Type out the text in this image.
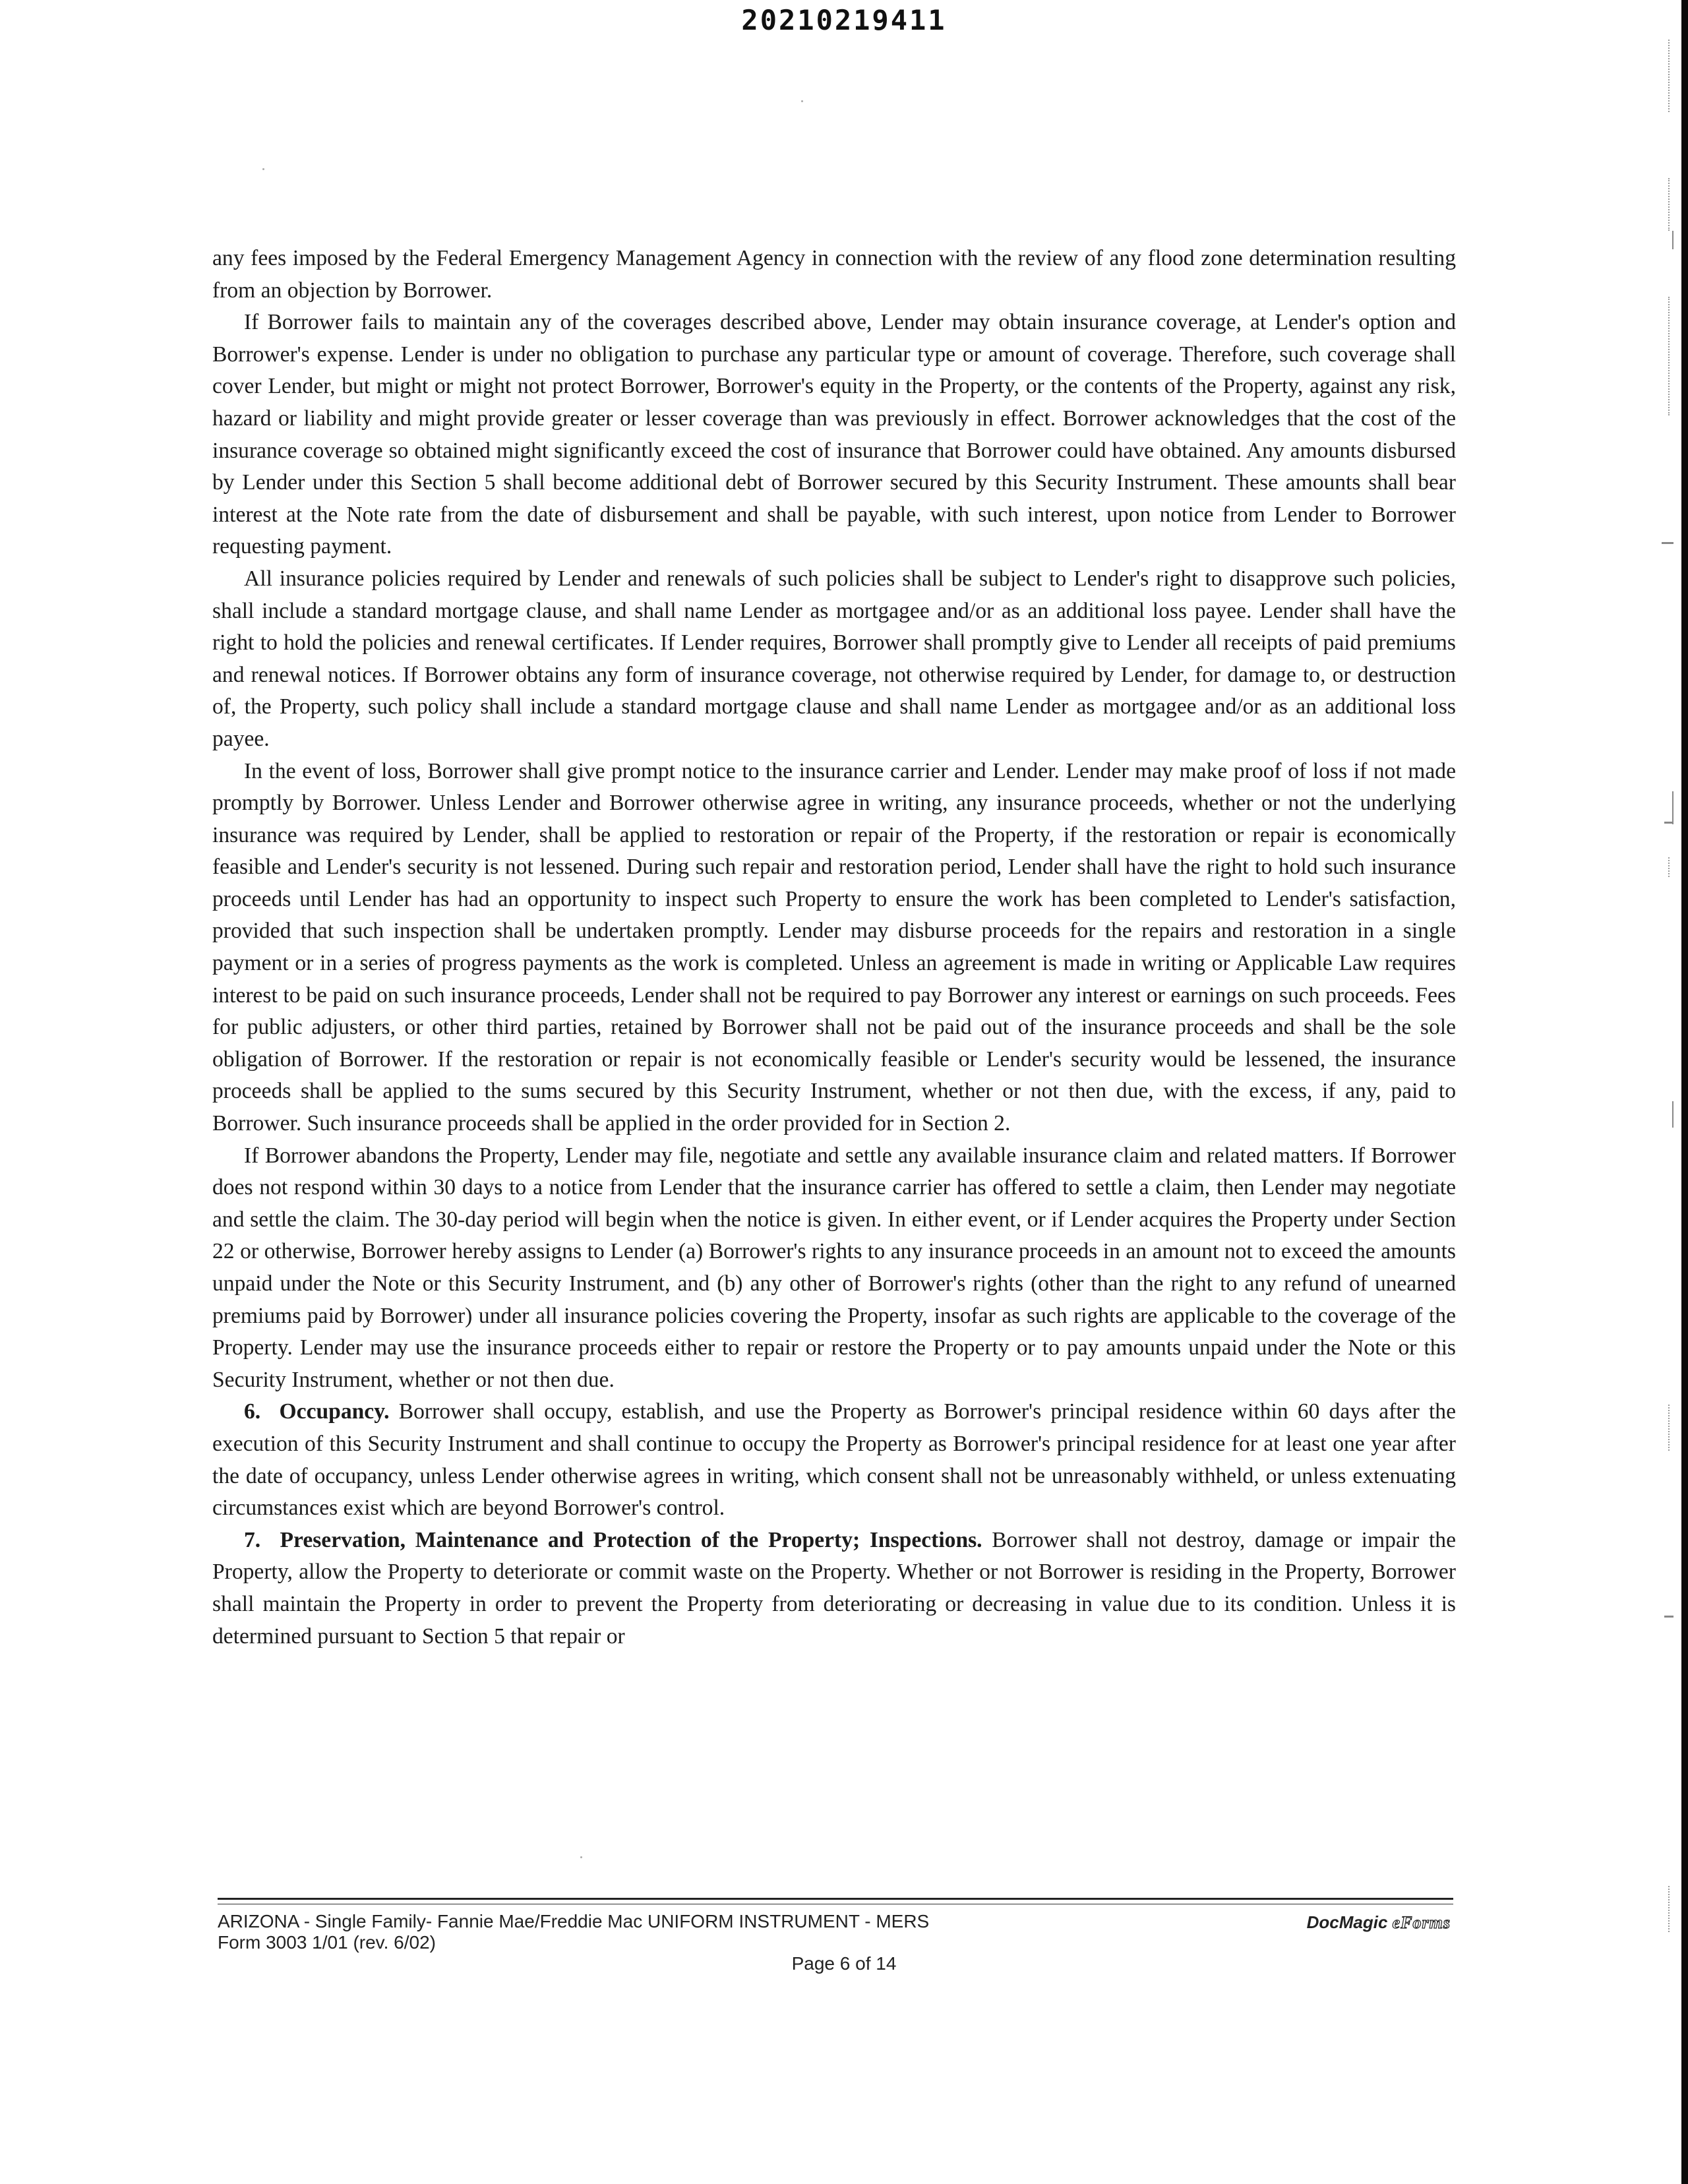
20210219411

any fees imposed by the Federal Emergency Management Agency in connection with the review of any flood zone determination resulting from an objection by Borrower.

If Borrower fails to maintain any of the coverages described above, Lender may obtain insurance coverage, at Lender's option and Borrower's expense. Lender is under no obligation to purchase any particular type or amount of coverage. Therefore, such coverage shall cover Lender, but might or might not protect Borrower, Borrower's equity in the Property, or the contents of the Property, against any risk, hazard or liability and might provide greater or lesser coverage than was previously in effect. Borrower acknowledges that the cost of the insurance coverage so obtained might significantly exceed the cost of insurance that Borrower could have obtained. Any amounts disbursed by Lender under this Section 5 shall become additional debt of Borrower secured by this Security Instrument. These amounts shall bear interest at the Note rate from the date of disbursement and shall be payable, with such interest, upon notice from Lender to Borrower requesting payment.

All insurance policies required by Lender and renewals of such policies shall be subject to Lender's right to disapprove such policies, shall include a standard mortgage clause, and shall name Lender as mortgagee and/or as an additional loss payee. Lender shall have the right to hold the policies and renewal certificates. If Lender requires, Borrower shall promptly give to Lender all receipts of paid premiums and renewal notices. If Borrower obtains any form of insurance coverage, not otherwise required by Lender, for damage to, or destruction of, the Property, such policy shall include a standard mortgage clause and shall name Lender as mortgagee and/or as an additional loss payee.

In the event of loss, Borrower shall give prompt notice to the insurance carrier and Lender. Lender may make proof of loss if not made promptly by Borrower. Unless Lender and Borrower otherwise agree in writing, any insurance proceeds, whether or not the underlying insurance was required by Lender, shall be applied to restoration or repair of the Property, if the restoration or repair is economically feasible and Lender's security is not lessened. During such repair and restoration period, Lender shall have the right to hold such insurance proceeds until Lender has had an opportunity to inspect such Property to ensure the work has been completed to Lender's satisfaction, provided that such inspection shall be undertaken promptly. Lender may disburse proceeds for the repairs and restoration in a single payment or in a series of progress payments as the work is completed. Unless an agreement is made in writing or Applicable Law requires interest to be paid on such insurance proceeds, Lender shall not be required to pay Borrower any interest or earnings on such proceeds. Fees for public adjusters, or other third parties, retained by Borrower shall not be paid out of the insurance proceeds and shall be the sole obligation of Borrower. If the restoration or repair is not economically feasible or Lender's security would be lessened, the insurance proceeds shall be applied to the sums secured by this Security Instrument, whether or not then due, with the excess, if any, paid to Borrower. Such insurance proceeds shall be applied in the order provided for in Section 2.

If Borrower abandons the Property, Lender may file, negotiate and settle any available insurance claim and related matters. If Borrower does not respond within 30 days to a notice from Lender that the insurance carrier has offered to settle a claim, then Lender may negotiate and settle the claim. The 30-day period will begin when the notice is given. In either event, or if Lender acquires the Property under Section 22 or otherwise, Borrower hereby assigns to Lender (a) Borrower's rights to any insurance proceeds in an amount not to exceed the amounts unpaid under the Note or this Security Instrument, and (b) any other of Borrower's rights (other than the right to any refund of unearned premiums paid by Borrower) under all insurance policies covering the Property, insofar as such rights are applicable to the coverage of the Property. Lender may use the insurance proceeds either to repair or restore the Property or to pay amounts unpaid under the Note or this Security Instrument, whether or not then due.

6. Occupancy. Borrower shall occupy, establish, and use the Property as Borrower's principal residence within 60 days after the execution of this Security Instrument and shall continue to occupy the Property as Borrower's principal residence for at least one year after the date of occupancy, unless Lender otherwise agrees in writing, which consent shall not be unreasonably withheld, or unless extenuating circumstances exist which are beyond Borrower's control.

7. Preservation, Maintenance and Protection of the Property; Inspections. Borrower shall not destroy, damage or impair the Property, allow the Property to deteriorate or commit waste on the Property. Whether or not Borrower is residing in the Property, Borrower shall maintain the Property in order to prevent the Property from deteriorating or decreasing in value due to its condition. Unless it is determined pursuant to Section 5 that repair or

ARIZONA - Single Family- Fannie Mae/Freddie Mac UNIFORM INSTRUMENT - MERS
Form 3003 1/01 (rev. 6/02)
DocMagic eForms
Page 6 of 14
